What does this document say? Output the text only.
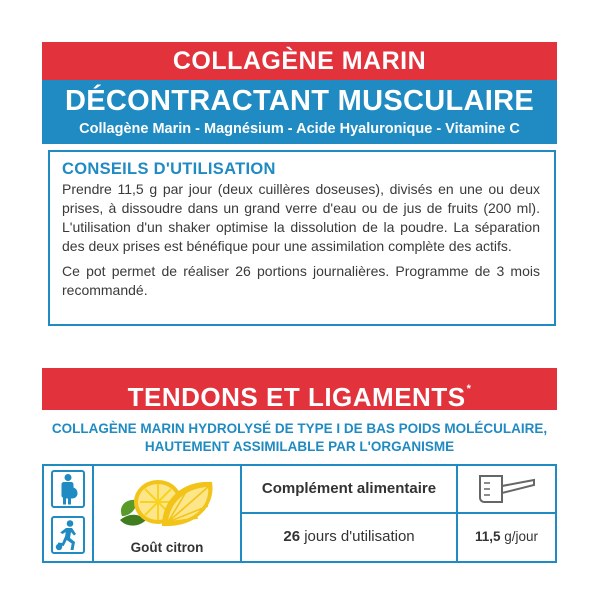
COLLAGÈNE MARIN
DÉCONTRACTANT MUSCULAIRE
Collagène Marin - Magnésium - Acide Hyaluronique - Vitamine C
CONSEILS D'UTILISATION

Prendre 11,5 g par jour (deux cuillères doseuses), divisés en une ou deux prises, à dissoudre dans un grand verre d'eau ou de jus de fruits (200 ml). L'utilisation d'un shaker optimise la dissolution de la poudre. La séparation des deux prises est bénéfique pour une assimilation complète des actifs.

Ce pot permet de réaliser 26 portions journalières. Programme de 3 mois recommandé.

TENDONS ET LIGAMENTS*
COLLAGÈNE MARIN HYDROLYSÉ DE TYPE I DE BAS POIDS MOLÉCULAIRE,
HAUTEMENT ASSIMILABLE PAR L'ORGANISME
Goût citron
Complément alimentaire
26 jours d'utilisation	11,5 g/jour
